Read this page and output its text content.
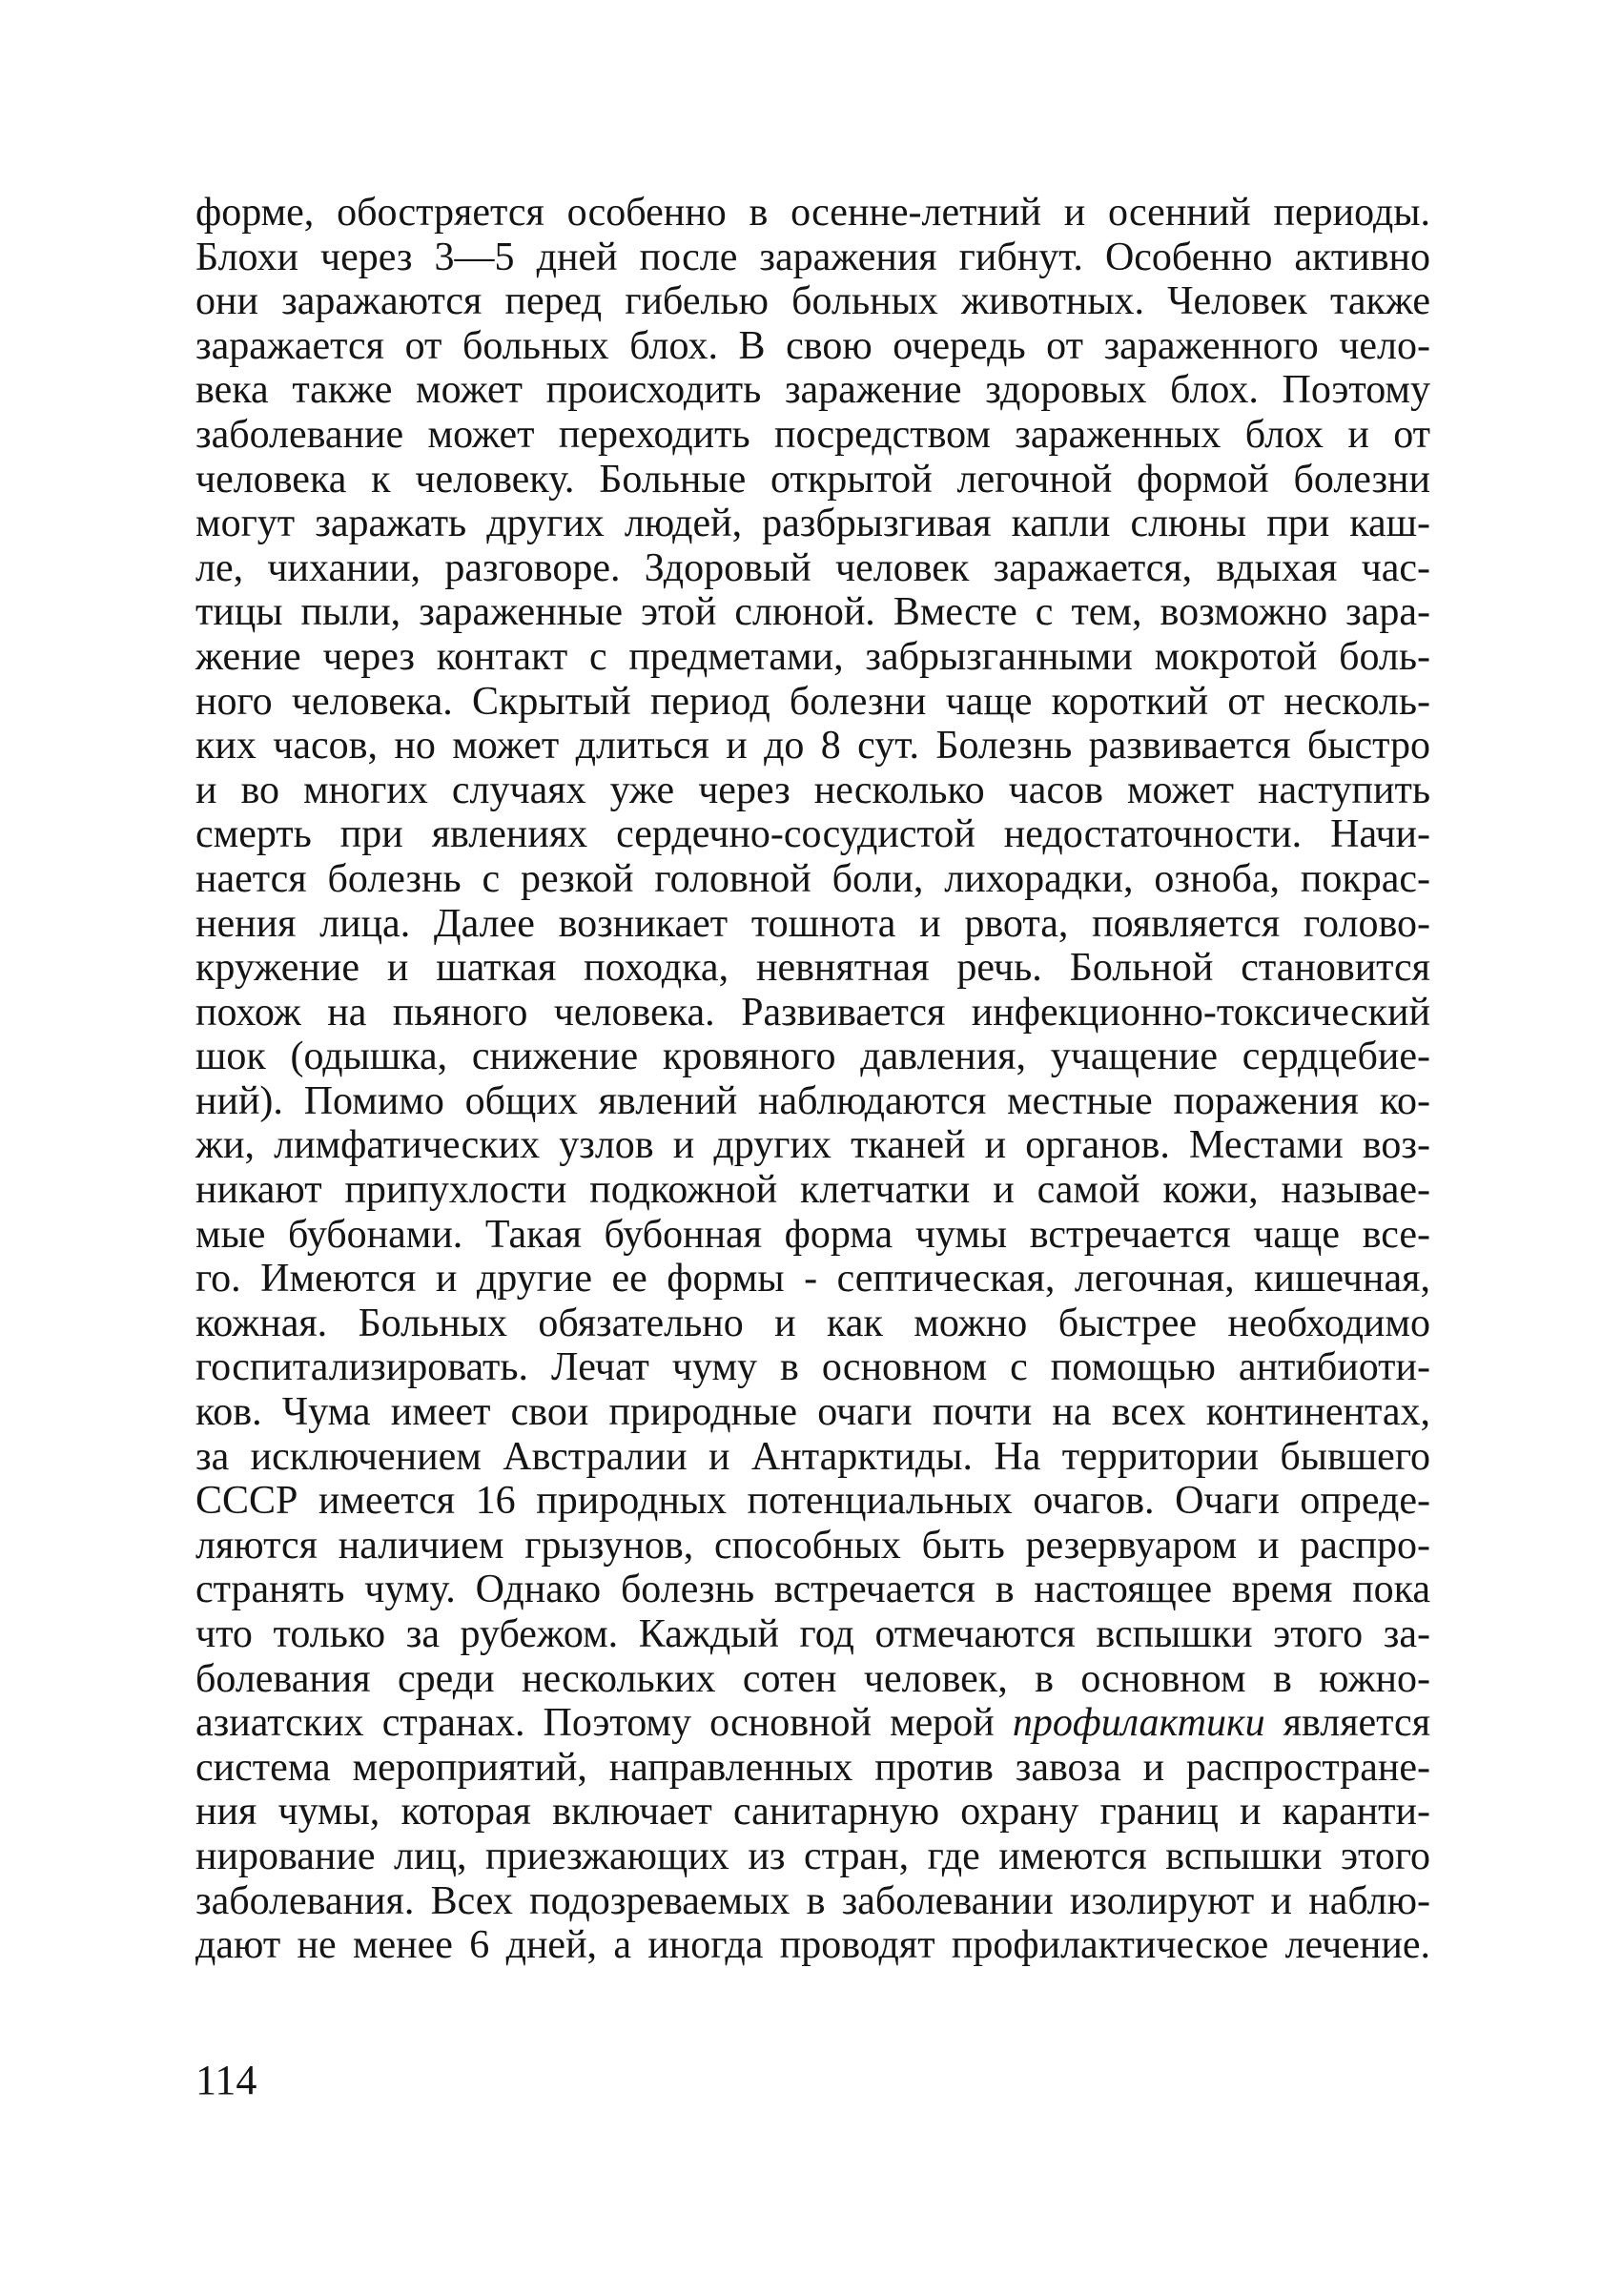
форме, обостряется особенно в осенне-летний и осенний периоды.
Блохи через 3—5 дней после заражения гибнут. Особенно активно
они заражаются перед гибелью больных животных. Человек также
заражается от больных блох. В свою очередь от зараженного чело-
века также может происходить заражение здоровых блох. Поэтому
заболевание может переходить посредством зараженных блох и от
человека к человеку. Больные открытой легочной формой болезни
могут заражать других людей, разбрызгивая капли слюны при каш-
ле, чихании, разговоре. Здоровый человек заражается, вдыхая час-
тицы пыли, зараженные этой слюной. Вместе с тем, возможно зара-
жение через контакт с предметами, забрызганными мокротой боль-
ного человека. Скрытый период болезни чаще короткий от несколь-
ких часов, но может длиться и до 8 сут. Болезнь развивается быстро
и во многих случаях уже через несколько часов может наступить
смерть при явлениях сердечно-сосудистой недостаточности. Начи-
нается болезнь с резкой головной боли, лихорадки, озноба, покрас-
нения лица. Далее возникает тошнота и рвота, появляется голово-
кружение и шаткая походка, невнятная речь. Больной становится
похож на пьяного человека. Развивается инфекционно-токсический
шок (одышка, снижение кровяного давления, учащение сердцебие-
ний). Помимо общих явлений наблюдаются местные поражения ко-
жи, лимфатических узлов и других тканей и органов. Местами воз-
никают припухлости подкожной клетчатки и самой кожи, называе-
мые бубонами. Такая бубонная форма чумы встречается чаще все-
го. Имеются и другие ее формы - септическая, легочная, кишечная,
кожная. Больных обязательно и как можно быстрее необходимо
госпитализировать. Лечат чуму в основном с помощью антибиоти-
ков. Чума имеет свои природные очаги почти на всех континентах,
за исключением Австралии и Антарктиды. На территории бывшего
СССР имеется 16 природных потенциальных очагов. Очаги опреде-
ляются наличием грызунов, способных быть резервуаром и распро-
странять чуму. Однако болезнь встречается в настоящее время пока
что только за рубежом. Каждый год отмечаются вспышки этого за-
болевания среди нескольких сотен человек, в основном в южно-
азиатских странах. Поэтому основной мерой профилактики является
система мероприятий, направленных против завоза и распростране-
ния чумы, которая включает санитарную охрану границ и каранти-
нирование лиц, приезжающих из стран, где имеются вспышки этого
заболевания. Всех подозреваемых в заболевании изолируют и наблю-
дают не менее 6 дней, а иногда проводят профилактическое лечение.
114
